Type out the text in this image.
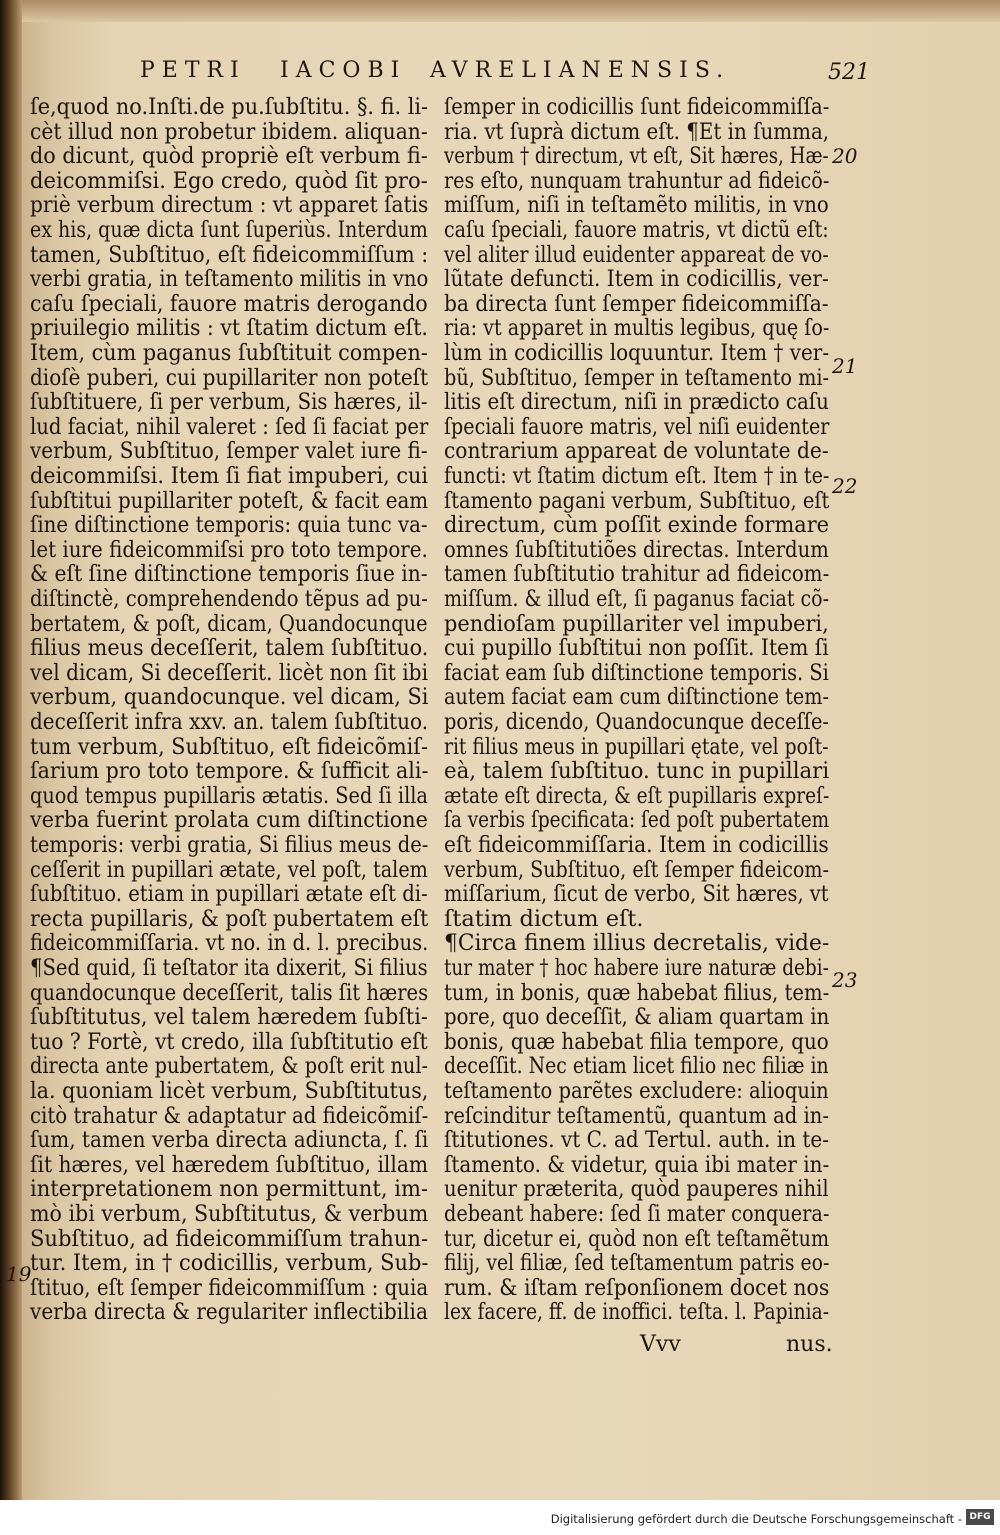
PETRI IACOBI AVRELIANENSIS.	521
ſe,quod no.Inſti.de pu.ſubſtitu. §. fi. li-
cèt illud non probetur ibidem. aliquan-
do dicunt, quòd propriè eſt verbum fi-
deicommiſsi. Ego credo, quòd ſit pro-
priè verbum directum : vt apparet ſatis
ex his, quæ dicta ſunt ſuperiùs. Interdum
tamen, Subſtituo, eſt fideicommiſſum :
verbi gratia, in teſtamento militis in vno
caſu ſpeciali, fauore matris derogando
priuilegio militis : vt ſtatim dictum eſt.
Item, cùm paganus ſubſtituit compen-
dioſè puberi, cui pupillariter non poteſt
ſubſtituere, ſi per verbum, Sis hæres, il-
lud faciat, nihil valeret : ſed ſi faciat per
verbum, Subſtituo, ſemper valet iure fi-
deicommiſsi. Item ſi fiat impuberi, cui
ſubſtitui pupillariter poteſt, & facit eam
ſine diſtinctione temporis: quia tunc va-
let iure fideicommiſsi pro toto tempore.
& eſt ſine diſtinctione temporis ſiue in-
diſtinctè, comprehendendo tẽpus ad pu-
bertatem, & poſt, dicam, Quandocunque
filius meus deceſſerit, talem ſubſtituo.
vel dicam, Si deceſſerit. licèt non ſit ibi
verbum, quandocunque. vel dicam, Si
deceſſerit infra xxv. an. talem ſubſtituo.
tum verbum, Subſtituo, eſt fideicõmiſ-
ſarium pro toto tempore. & ſufficit ali-
quod tempus pupillaris ætatis. Sed ſi illa
verba fuerint prolata cum diſtinctione
temporis: verbi gratia, Si filius meus de-
ceſſerit in pupillari ætate, vel poſt, talem
ſubſtituo. etiam in pupillari ætate eſt di-
recta pupillaris, & poſt pubertatem eſt
fideicommiſſaria. vt no. in d. l. precibus.
¶Sed quid, ſi teſtator ita dixerit, Si filius
quandocunque deceſſerit, talis ſit hæres
ſubſtitutus, vel talem hæredem ſubſti-
tuo ? Fortè, vt credo, illa ſubſtitutio eſt
directa ante pubertatem, & poſt erit nul-
la. quoniam licèt verbum, Subſtitutus,
citò trahatur & adaptatur ad fideicõmiſ-
ſum, tamen verba directa adiuncta, ſ. ſi
ſit hæres, vel hæredem ſubſtituo, illam
interpretationem non permittunt, im-
mò ibi verbum, Subſtitutus, & verbum
Subſtituo, ad fideicommiſſum trahun-
tur. Item, in † codicillis, verbum, Sub-
ſtituo, eſt ſemper fideicommiſſum : quia
verba directa & regulariter inflectibilia
ſemper in codicillis ſunt fideicommiſſa-
ria. vt ſuprà dictum eſt. ¶Et in ſumma,
verbum † directum, vt eſt, Sit hæres, Hæ-
res eſto, nunquam trahuntur ad fideicõ-
miſſum, niſi in teſtamẽto militis, in vno
caſu ſpeciali, fauore matris, vt dictũ eſt:
vel aliter illud euidenter appareat de vo-
lũtate defuncti. Item in codicillis, ver-
ba directa ſunt ſemper fideicommiſſa-
ria: vt apparet in multis legibus, quę ſo-
lùm in codicillis loquuntur. Item † ver-
bũ, Subſtituo, ſemper in teſtamento mi-
litis eſt directum, niſi in prædicto caſu
ſpeciali fauore matris, vel niſi euidenter
contrarium appareat de voluntate de-
functi: vt ſtatim dictum eſt. Item † in te-
ſtamento pagani verbum, Subſtituo, eſt
directum, cùm poſſit exinde formare
omnes ſubſtitutiões directas. Interdum
tamen ſubſtitutio trahitur ad fideicom-
miſſum. & illud eſt, ſi paganus faciat cõ-
pendioſam pupillariter vel impuberi,
cui pupillo ſubſtitui non poſſit. Item ſi
faciat eam ſub diſtinctione temporis. Si
autem faciat eam cum diſtinctione tem-
poris, dicendo, Quandocunque deceſſe-
rit filius meus in pupillari ętate, vel poſt-
eà, talem ſubſtituo. tunc in pupillari
ætate eſt directa, & eſt pupillaris expreſ-
ſa verbis ſpecificata: ſed poſt pubertatem
eſt fideicommiſſaria. Item in codicillis
verbum, Subſtituo, eſt ſemper fideicom-
miſſarium, ſicut de verbo, Sit hæres, vt
ſtatim dictum eſt.
¶Circa finem illius decretalis, vide-
tur mater † hoc habere iure naturæ debi-
tum, in bonis, quæ habebat filius, tem-
pore, quo deceſſit, & aliam quartam in
bonis, quæ habebat filia tempore, quo
deceſſit. Nec etiam licet filio nec filiæ in
teſtamento parẽtes excludere: alioquin
reſcinditur teſtamentũ, quantum ad in-
ſtitutiones. vt C. ad Tertul. auth. in te-
ſtamento. & videtur, quia ibi mater in-
uenitur præterita, quòd pauperes nihil
debeant habere: ſed ſi mater conquera-
tur, dicetur ei, quòd non eſt teſtamẽtum
filij, vel filiæ, ſed teſtamentum patris eo-
rum. & iſtam reſponſionem docet nos
lex facere, ff. de inoffici. teſta. l. Papinia-
19
20
21
22
23
Vvv	nus.
Digitalisierung gefördert durch die Deutsche Forschungsgemeinschaft - DFG
